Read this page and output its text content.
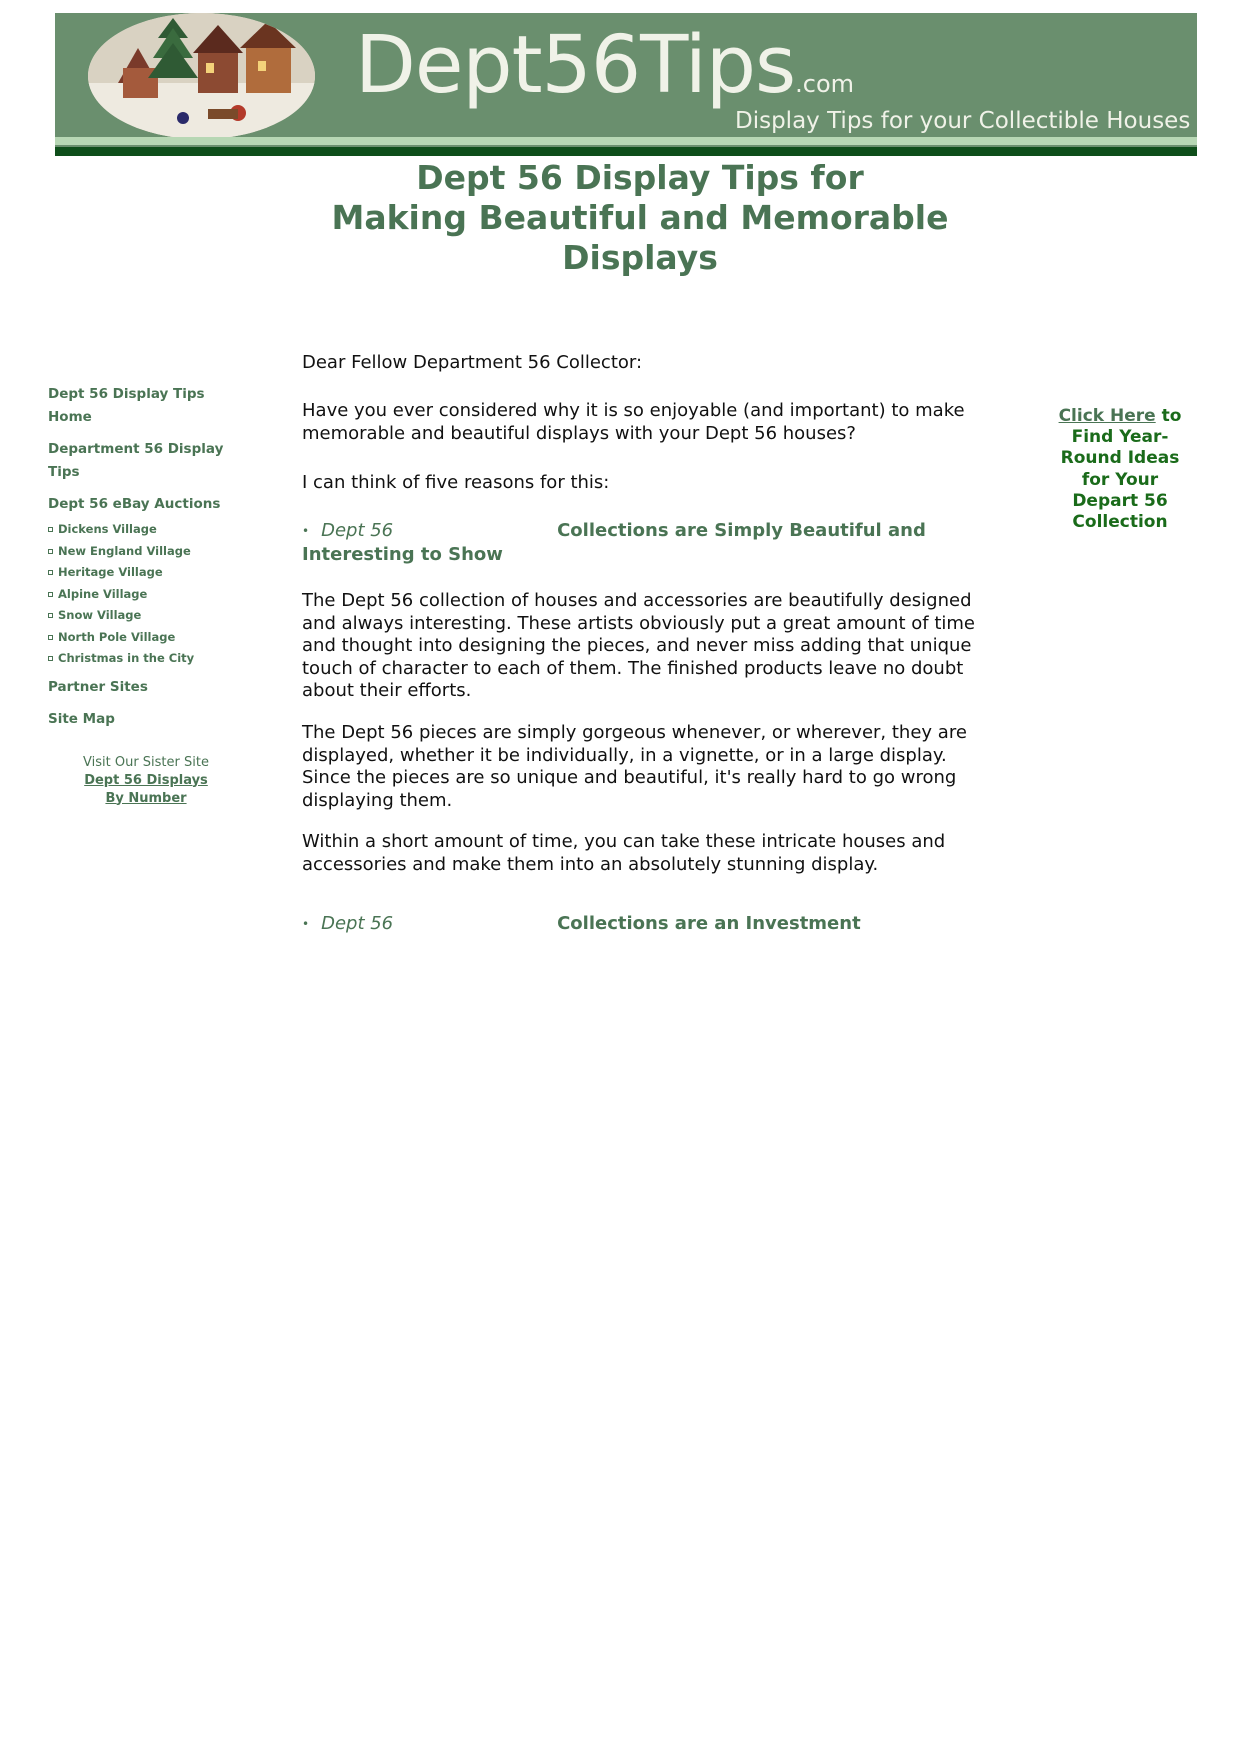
Dept56Tips.com
Display Tips for your Collectible Houses
Dept 56 Display Tips for
Making Beautiful and Memorable
Displays
Dept 56 Display Tips Home
Department 56 Display Tips
Dept 56 eBay Auctions
Dickens Village
New England Village
Heritage Village
Alpine Village
Snow Village
North Pole Village
Christmas in the City
Partner Sites
Site Map
Visit Our Sister Site
Dept 56 Displays
By Number

Dear Fellow Department 56 Collector:

Have you ever considered why it is so enjoyable (and important) to make memorable and beautiful displays with your Dept 56 houses?

I can think of five reasons for this:

• Dept 56	Collections are Simply Beautiful and Interesting to Show

The Dept 56 collection of houses and accessories are beautifully designed and always interesting. These artists obviously put a great amount of time and thought into designing the pieces, and never miss adding that unique touch of character to each of them. The finished products leave no doubt about their efforts.

The Dept 56 pieces are simply gorgeous whenever, or wherever, they are displayed, whether it be individually, in a vignette, or in a large display. Since the pieces are so unique and beautiful, it's really hard to go wrong displaying them.

Within a short amount of time, you can take these intricate houses and accessories and make them into an absolutely stunning display.

• Dept 56	Collections are an Investment
Click Here to Find Year-Round Ideas for Your Depart 56 Collection
